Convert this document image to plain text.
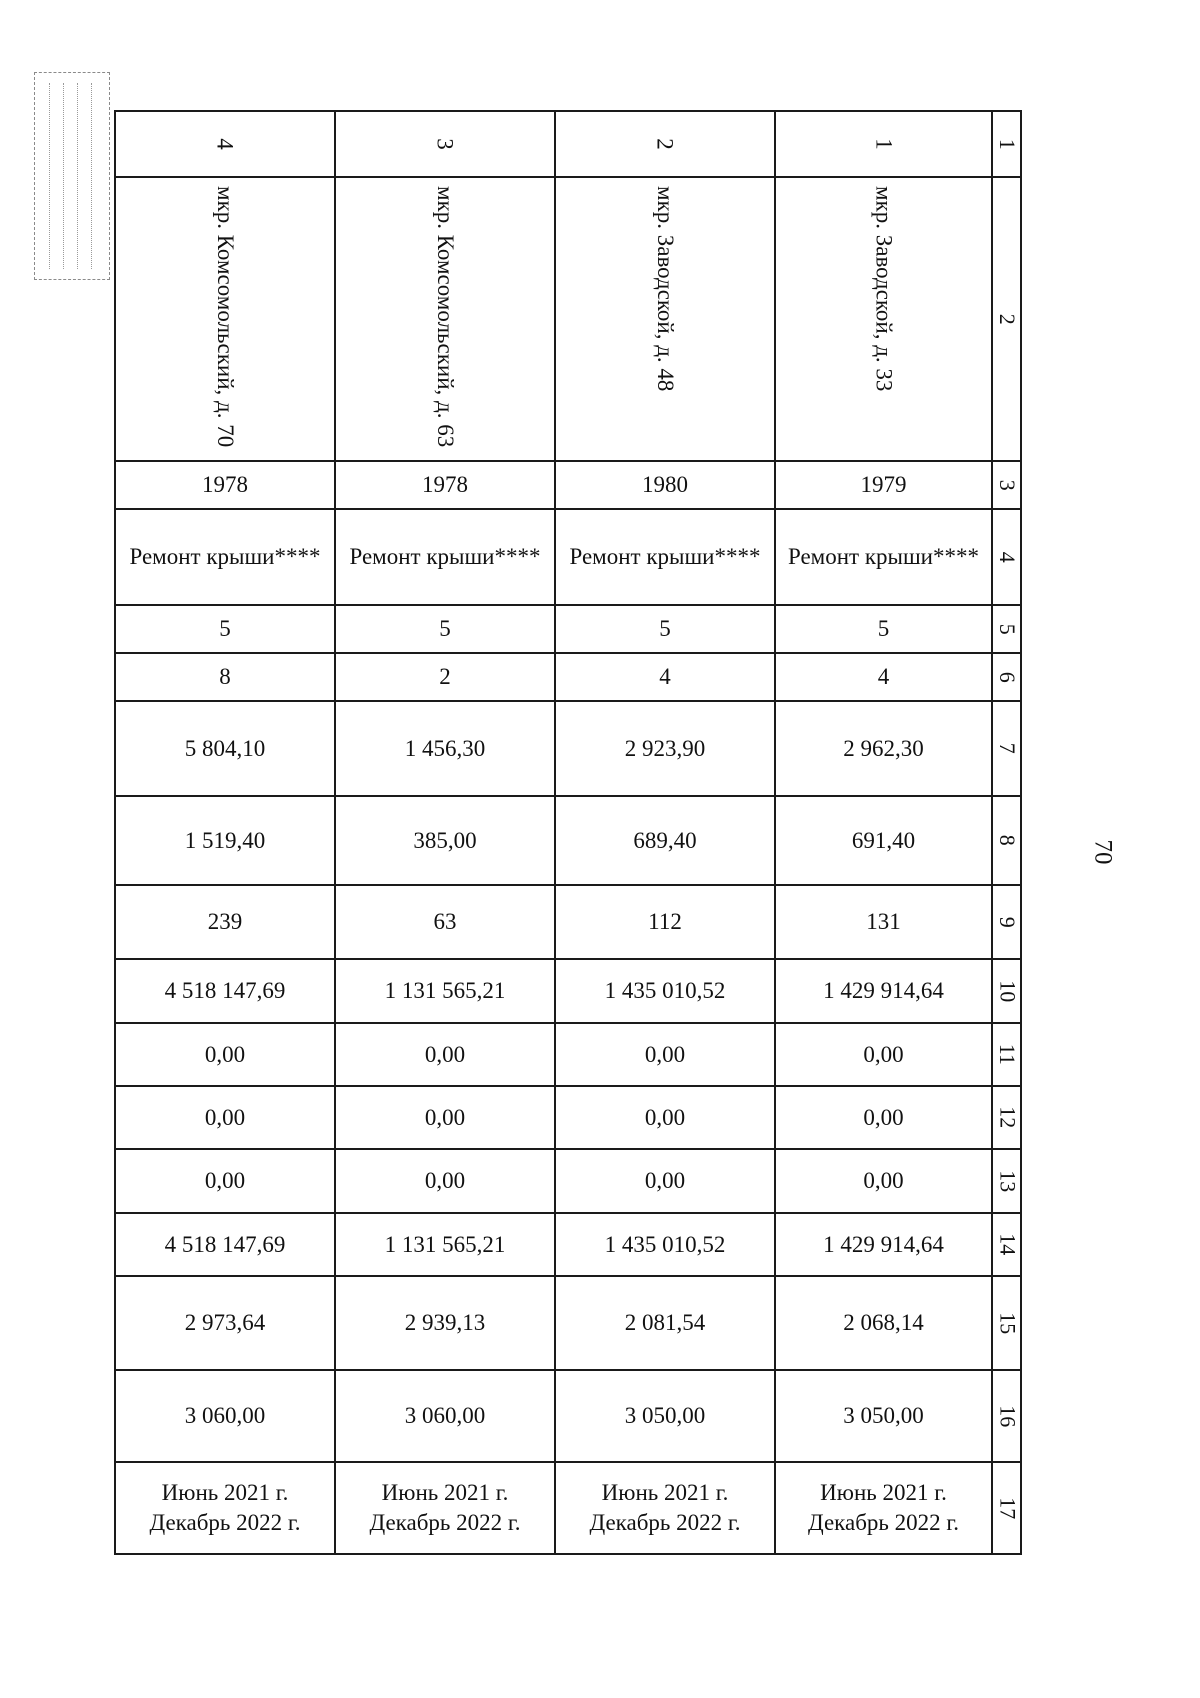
70
4
мкр. Комсомольский, д. 70
1978
Ремонт крыши****
5
8
5 804,10
1 519,40
239
4 518 147,69
0,00
0,00
0,00
4 518 147,69
2 973,64
3 060,00
Июнь 2021 г.
Декабрь 2022 г.
3
мкр. Комсомольский, д. 63
1978
Ремонт крыши****
5
2
1 456,30
385,00
63
1 131 565,21
0,00
0,00
0,00
1 131 565,21
2 939,13
3 060,00
Июнь 2021 г.
Декабрь 2022 г.
2
мкр. Заводской, д. 48
1980
Ремонт крыши****
5
4
2 923,90
689,40
112
1 435 010,52
0,00
0,00
0,00
1 435 010,52
2 081,54
3 050,00
Июнь 2021 г.
Декабрь 2022 г.
1
мкр. Заводской, д. 33
1979
Ремонт крыши****
5
4
2 962,30
691,40
131
1 429 914,64
0,00
0,00
0,00
1 429 914,64
2 068,14
3 050,00
Июнь 2021 г.
Декабрь 2022 г.
1
2
3
4
5
6
7
8
9
10
11
12
13
14
15
16
17
